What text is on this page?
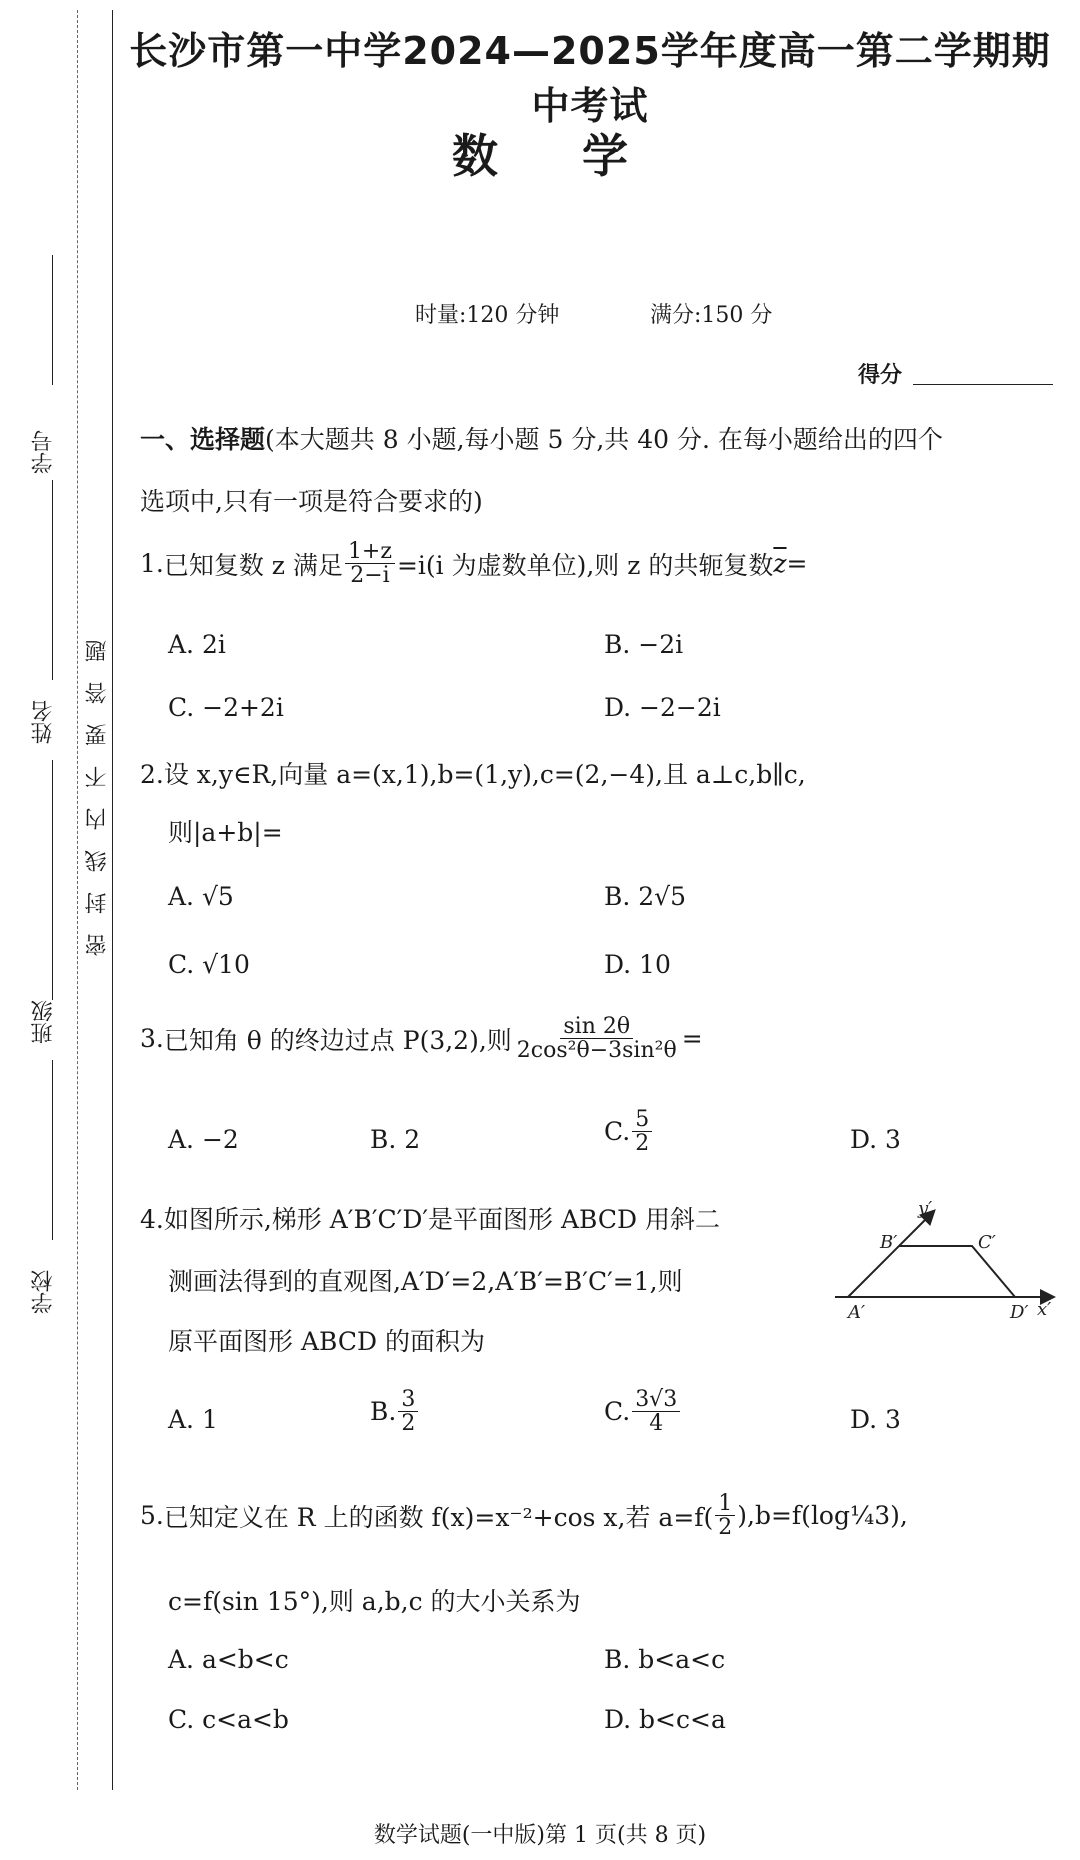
学号
姓名
班级
学校
密封线内不要答题
长沙市第一中学2024—2025学年度高一第二学期期中考试
数 学
时量:120 分钟	满分:150 分
得分
一、选择题(本大题共 8 小题,每小题 5 分,共 40 分. 在每小题给出的四个
选项中,只有一项是符合要求的)
1. 已知复数 z 满足 $\frac{1+z}{2-i} =i(i$ 为虚数单位),则 z 的共轭复数 $\overline{z}$ =
A. 2i	B. −2i
C. −2+2i	D. −2−2i
2.设 x,y∈R,向量 a=(x,1),b=(1,y),c=(2,−4),且 a⊥c,b∥c,
则|a+b|=
A. √5	B. 2√5
C. √10	D. 10
3. 已知角 θ 的终边过点 P(3,2),则 $\frac{\sin 2\theta}{\text{2cos²θ−3sin²θ}}$ =
A. −2	B. 2	C. $\frac{5}{2}$	D. 3
4.如图所示,梯形 A′B′C′D′是平面图形 ABCD 用斜二
测画法得到的直观图,A′D′=2,A′B′=B′C′=1,则
原平面图形 ABCD 的面积为
y′
B′	C′
A′	D′ x′
A. 1	B. $\frac{3}{2}$	C. $\frac{3√3}{4}$	D. 3
5. 已知定义在 R 上的函数 f(x)=x⁻²+cos x,若 $a=f( \frac{1}{2}$ ),b=f(log¼3),
c=f(sin 15°),则 a,b,c 的大小关系为
A. a<b<c	B. b<a<c
C. c<a<b	D. b<c<a
数学试题(一中版)第 1 页(共 8 页)
